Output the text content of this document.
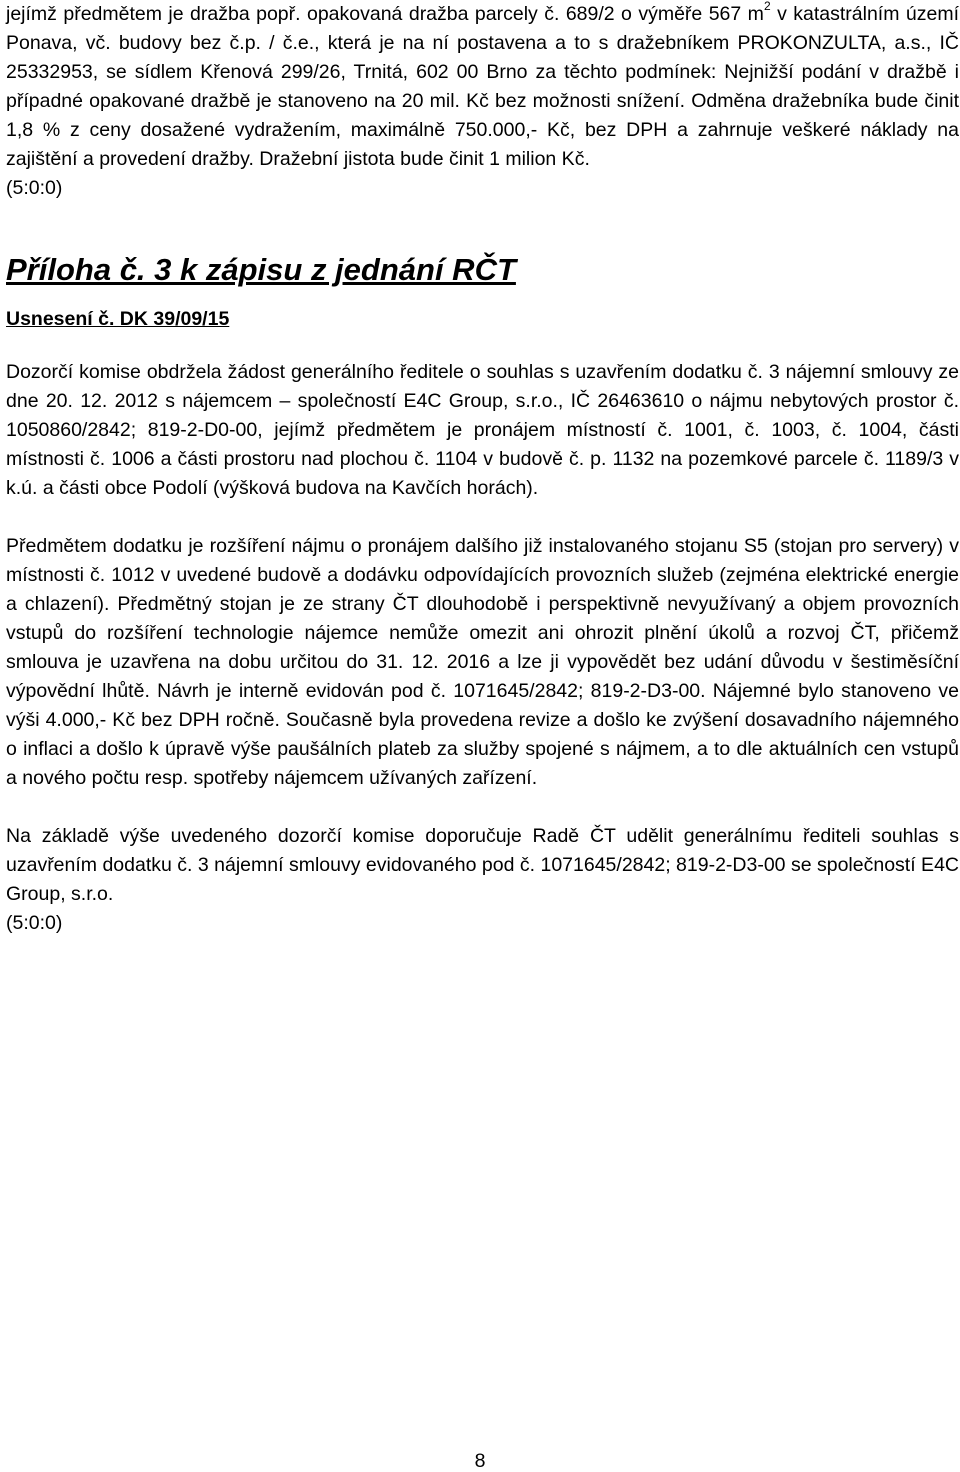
jejímž předmětem je dražba popř. opakovaná dražba parcely č. 689/2 o výměře 567 $m^2$ v katastrálním území Ponava, vč. budovy bez č.p. / č.e., která je na ní postavena a to s dražebníkem PROKONZULTA, a.s., IČ 25332953, se sídlem Křenová 299/26, Trnitá, 602 00 Brno za těchto podmínek: Nejnižší podání v dražbě i případné opakované dražbě je stanoveno na 20 mil. Kč bez možnosti snížení. Odměna dražebníka bude činit 1,8 % z ceny dosažené vydražením, maximálně 750.000,- Kč, bez DPH a zahrnuje veškeré náklady na zajištění a provedení dražby. Dražební jistota bude činit 1 milion Kč.

(5:0:0)

Příloha č. 3 k zápisu z jednání RČT
Usnesení č. DK 39/09/15

Dozorčí komise obdržela žádost generálního ředitele o souhlas s uzavřením dodatku č. 3 nájemní smlouvy ze dne 20. 12. 2012 s nájemcem – společností E4C Group, s.r.o., IČ 26463610 o nájmu nebytových prostor č. 1050860/2842; 819-2-D0-00, jejímž předmětem je pronájem místností č. 1001, č. 1003, č. 1004, části místnosti č. 1006 a části prostoru nad plochou č. 1104 v budově č. p. 1132 na pozemkové parcele č. 1189/3 v k.ú. a části obce Podolí (výšková budova na Kavčích horách).

Předmětem dodatku je rozšíření nájmu o pronájem dalšího již instalovaného stojanu S5 (stojan pro servery) v místnosti č. 1012 v uvedené budově a dodávku odpovídajících provozních služeb (zejména elektrické energie a chlazení). Předmětný stojan je ze strany ČT dlouhodobě i perspektivně nevyužívaný a objem provozních vstupů do rozšíření technologie nájemce nemůže omezit ani ohrozit plnění úkolů a rozvoj ČT, přičemž smlouva je uzavřena na dobu určitou do 31. 12. 2016 a lze ji vypovědět bez udání důvodu v šestiměsíční výpovědní lhůtě. Návrh je interně evidován pod č. 1071645/2842; 819-2-D3-00. Nájemné bylo stanoveno ve výši 4.000,- Kč bez DPH ročně. Současně byla provedena revize a došlo ke zvýšení dosavadního nájemného o inflaci a došlo k úpravě výše paušálních plateb za služby spojené s nájmem, a to dle aktuálních cen vstupů a nového počtu resp. spotřeby nájemcem užívaných zařízení.

Na základě výše uvedeného dozorčí komise doporučuje Radě ČT udělit generálnímu řediteli souhlas s uzavřením dodatku č. 3 nájemní smlouvy evidovaného pod č. 1071645/2842; 819-2-D3-00 se společností E4C Group, s.r.o.

(5:0:0)

8
